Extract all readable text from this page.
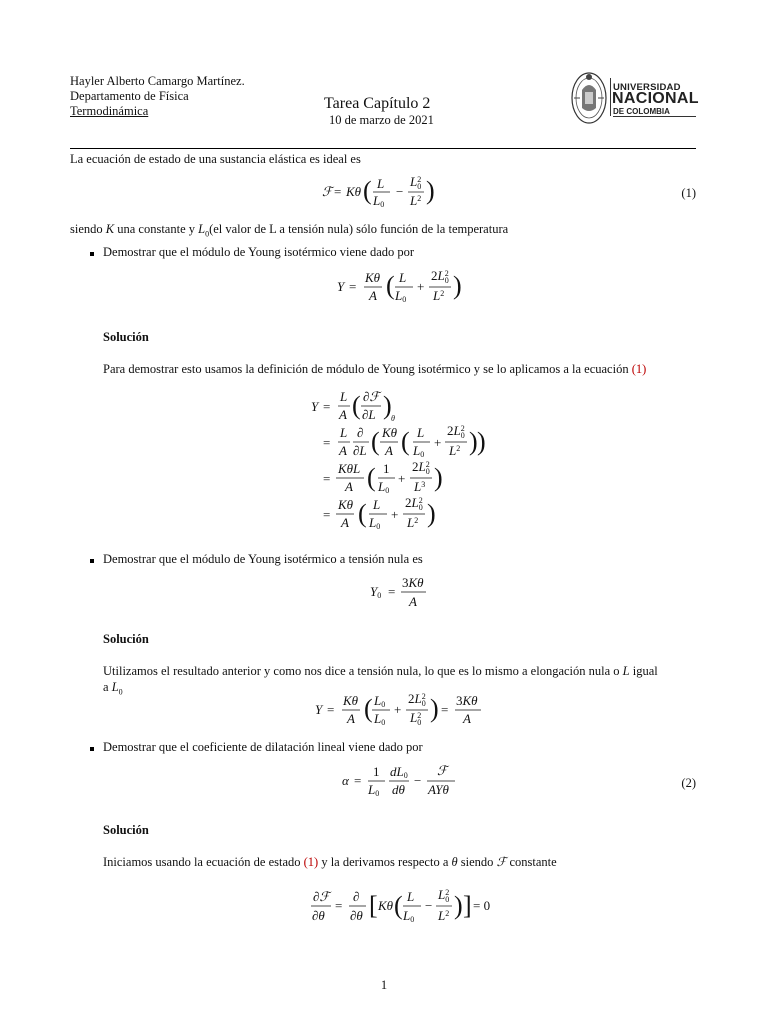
Hayler Alberto Camargo Martínez.
Departamento de Física
Termodinámica	Tarea Capítulo 2
10 de marzo de 2021
UNIVERSIDAD
NACIONAL
DE COLOMBIA
La ecuación de estado de una sustancia elástica es ideal es
ℱ = Kθ ( L
L0
−
$L^2$ 0
$L^2$ )	(1)
siendo K una constante y $L_0(el$ valor de L a tensión nula) sólo función de la temperatura
Demostrar que el módulo de Young isotérmico viene dado por
Y =
Kθ
A ( L
L0
+
$2L^2$ 0
$L^2$ )
Solución
Para demostrar esto usamos la definición de módulo de Young isotérmico y se lo aplicamos a la ecuación (1)
Y =
L
A ( ∂ℱ
∂L ) θ
=
L
A
∂
∂L ( Kθ
A ( L
L0
+
$2L^2$ 0
$L^2$ ) )
=
KθL
A ( 1
L0
+
$2L^2$ 0
$L^3$ )
=
Kθ
A ( L
L0
+
$2L^2$ 0
$L^2$ )
Demostrar que el módulo de Young isotérmico a tensión nula es
Y0 =
3Kθ
A
Solución
Utilizamos el resultado anterior y como nos dice a tensión nula, lo que es lo mismo a elongación nula o L igual
a $L_0$
Y =
Kθ
A ( L0
L0
+
$2L^2$ 0
$L^2$ 0 ) =
3Kθ
A
Demostrar que el coeficiente de dilatación lineal viene dado por
α =
1
L0
dL0
dθ
−
ℱ
AYθ	(2)
Solución
Iniciamos usando la ecuación de estado (1) y la derivamos respecto a θ siendo ℱ constante
∂ℱ
∂θ
=
∂
∂θ [ Kθ ( L
L0
−
$L^2$ 0
$L^2$ ) ] = 0
1
